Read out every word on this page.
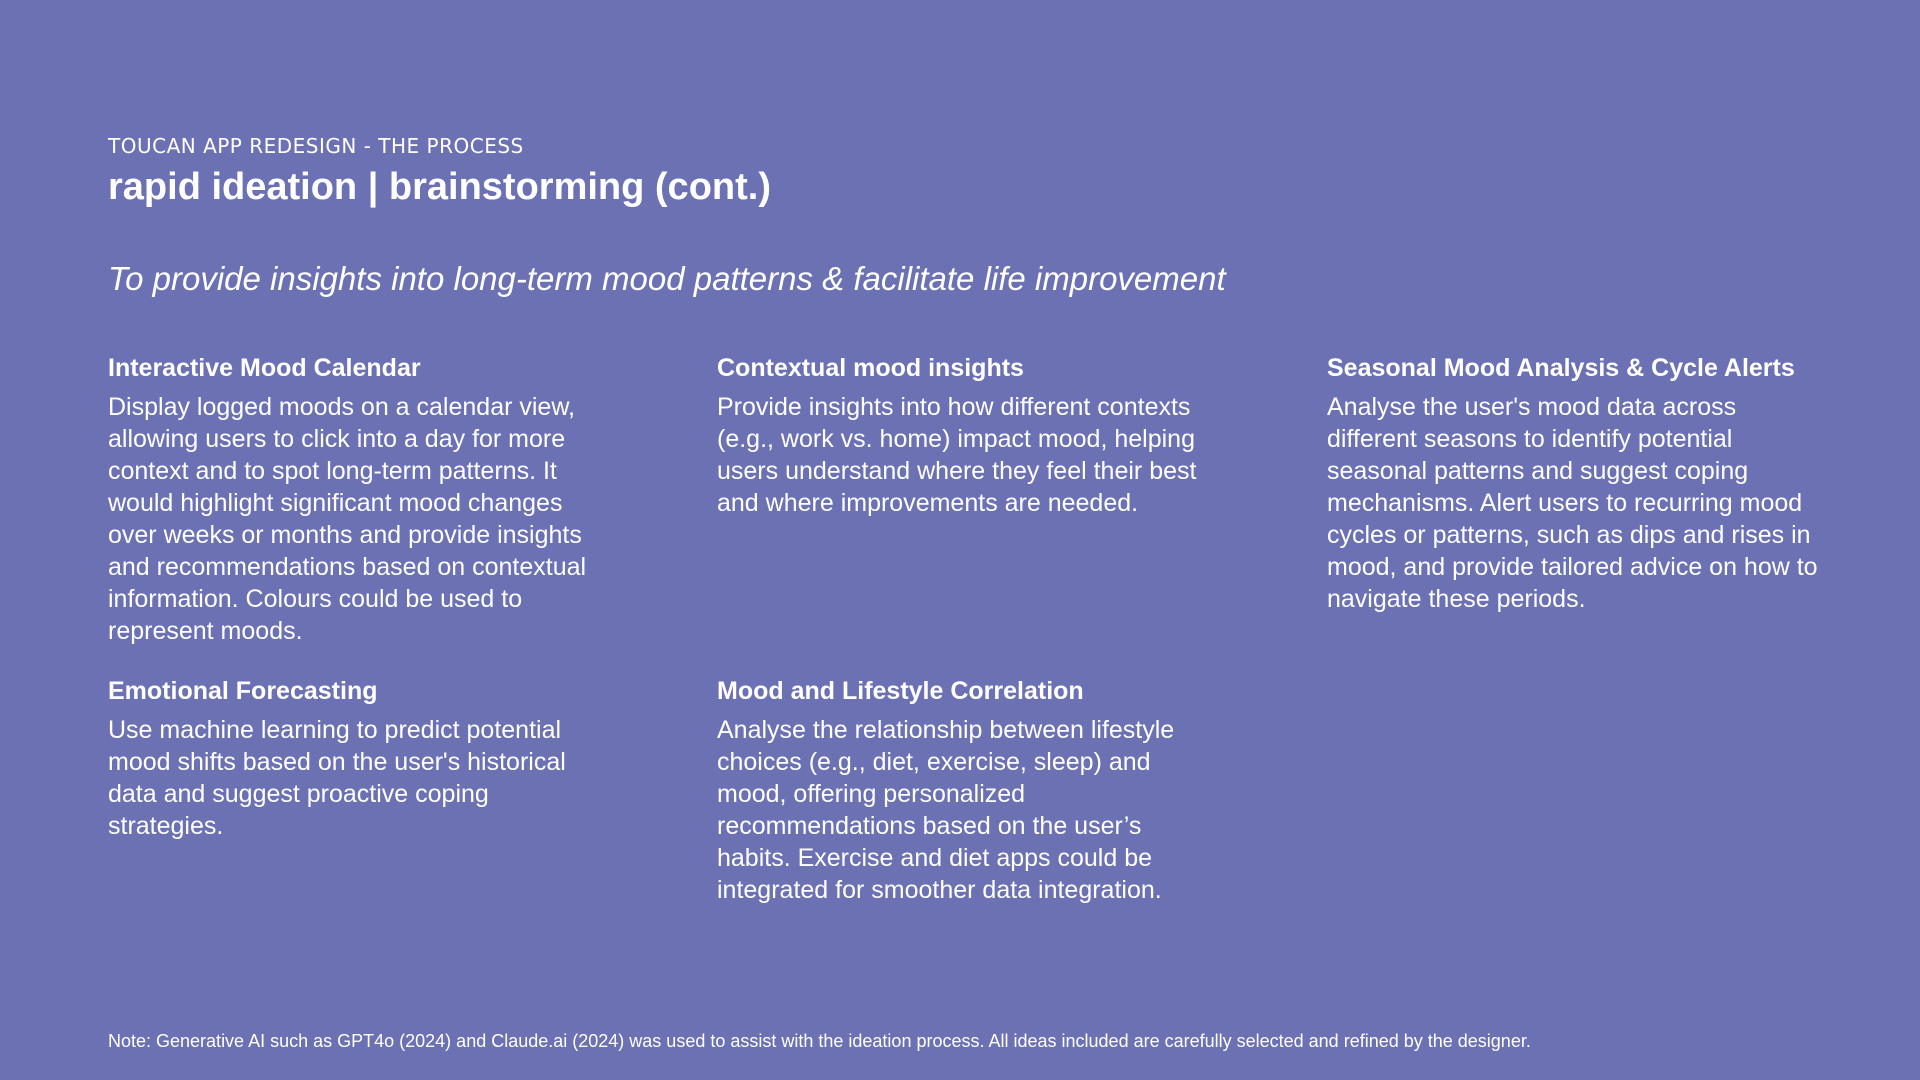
TOUCAN APP REDESIGN - THE PROCESS

rapid ideation | brainstorming (cont.)
To provide insights into long-term mood patterns & facilitate life improvement
Interactive Mood Calendar

Display logged moods on a calendar view, allowing users to click into a day for more context and to spot long-term patterns. It would highlight significant mood changes over weeks or months and provide insights and recommendations based on contextual information. Colours could be used to represent moods.

Contextual mood insights

Provide insights into how different contexts (e.g., work vs. home) impact mood, helping users understand where they feel their best and where improvements are needed.

Seasonal Mood Analysis & Cycle Alerts

Analyse the user's mood data across different seasons to identify potential seasonal patterns and suggest coping mechanisms. Alert users to recurring mood cycles or patterns, such as dips and rises in mood, and provide tailored advice on how to navigate these periods.

Emotional Forecasting

Use machine learning to predict potential mood shifts based on the user's historical data and suggest proactive coping strategies.

Mood and Lifestyle Correlation

Analyse the relationship between lifestyle choices (e.g., diet, exercise, sleep) and mood, offering personalized recommendations based on the user’s habits. Exercise and diet apps could be integrated for smoother data integration.

Note: Generative AI such as GPT4o (2024) and Claude.ai (2024) was used to assist with the ideation process. All ideas included are carefully selected and refined by the designer.
